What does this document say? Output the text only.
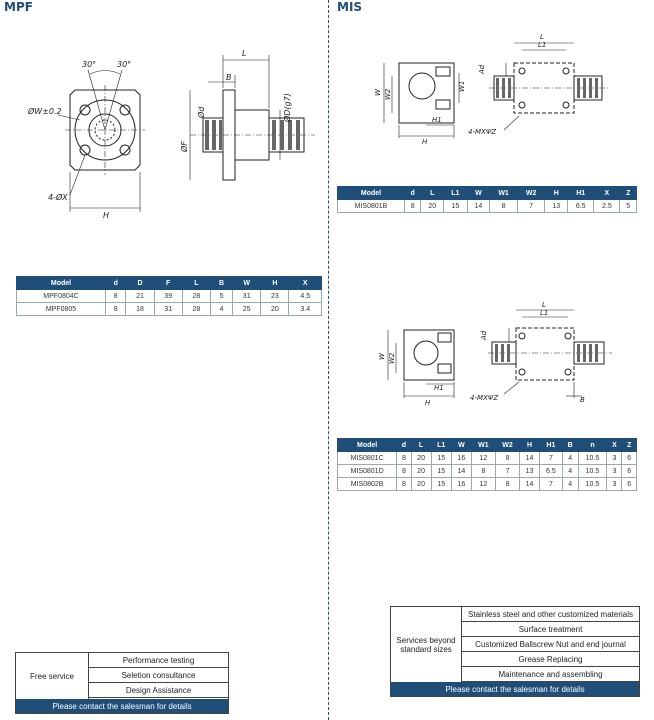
MPF	MIS
30°	30°
ØW±0.2
4-ØX
H
L
B
Ød	ØD(g7)
ØF
Model	d	D	F	L	B	W	H	X
MPF0804C	8	21	39	28	5	31	23	4.5
MPF0805	8	18	31	28	4	25	20	3.4
L
L1
W W2
W1
H1
H
Ad
4-MXΨZ
Model	d	L	L1	W	W1	W2	H	H1	X	Z
MIS0801B	8	20	15	14	8	7	13	6.5	2.5	5
L
L1
W W2
H1
H
Ad
B
4-MXΨZ
Model	d	L	L1	W	W1	W2	H	H1	B	n	X	Z
MIS0801C	8	20	15	16	12	8	14	7	4	10.5	3	6
MIS0801D	8	20	15	14	8	7	13	6.5	4	10.5	3	6
MIS0802B	8	20	15	16	12	8	14	7	4	10.5	3	6
Services beyond standard sizes
Stainless steel and other customized materials
Surface treatment
Customized Ballscrew Nut and end journal
Grease Replacing
Maintenance and assembling
Please contact the salesman for details
Free service
Performance testing
Seletion consultance
Design Assistance
Please contact the salesman for details
